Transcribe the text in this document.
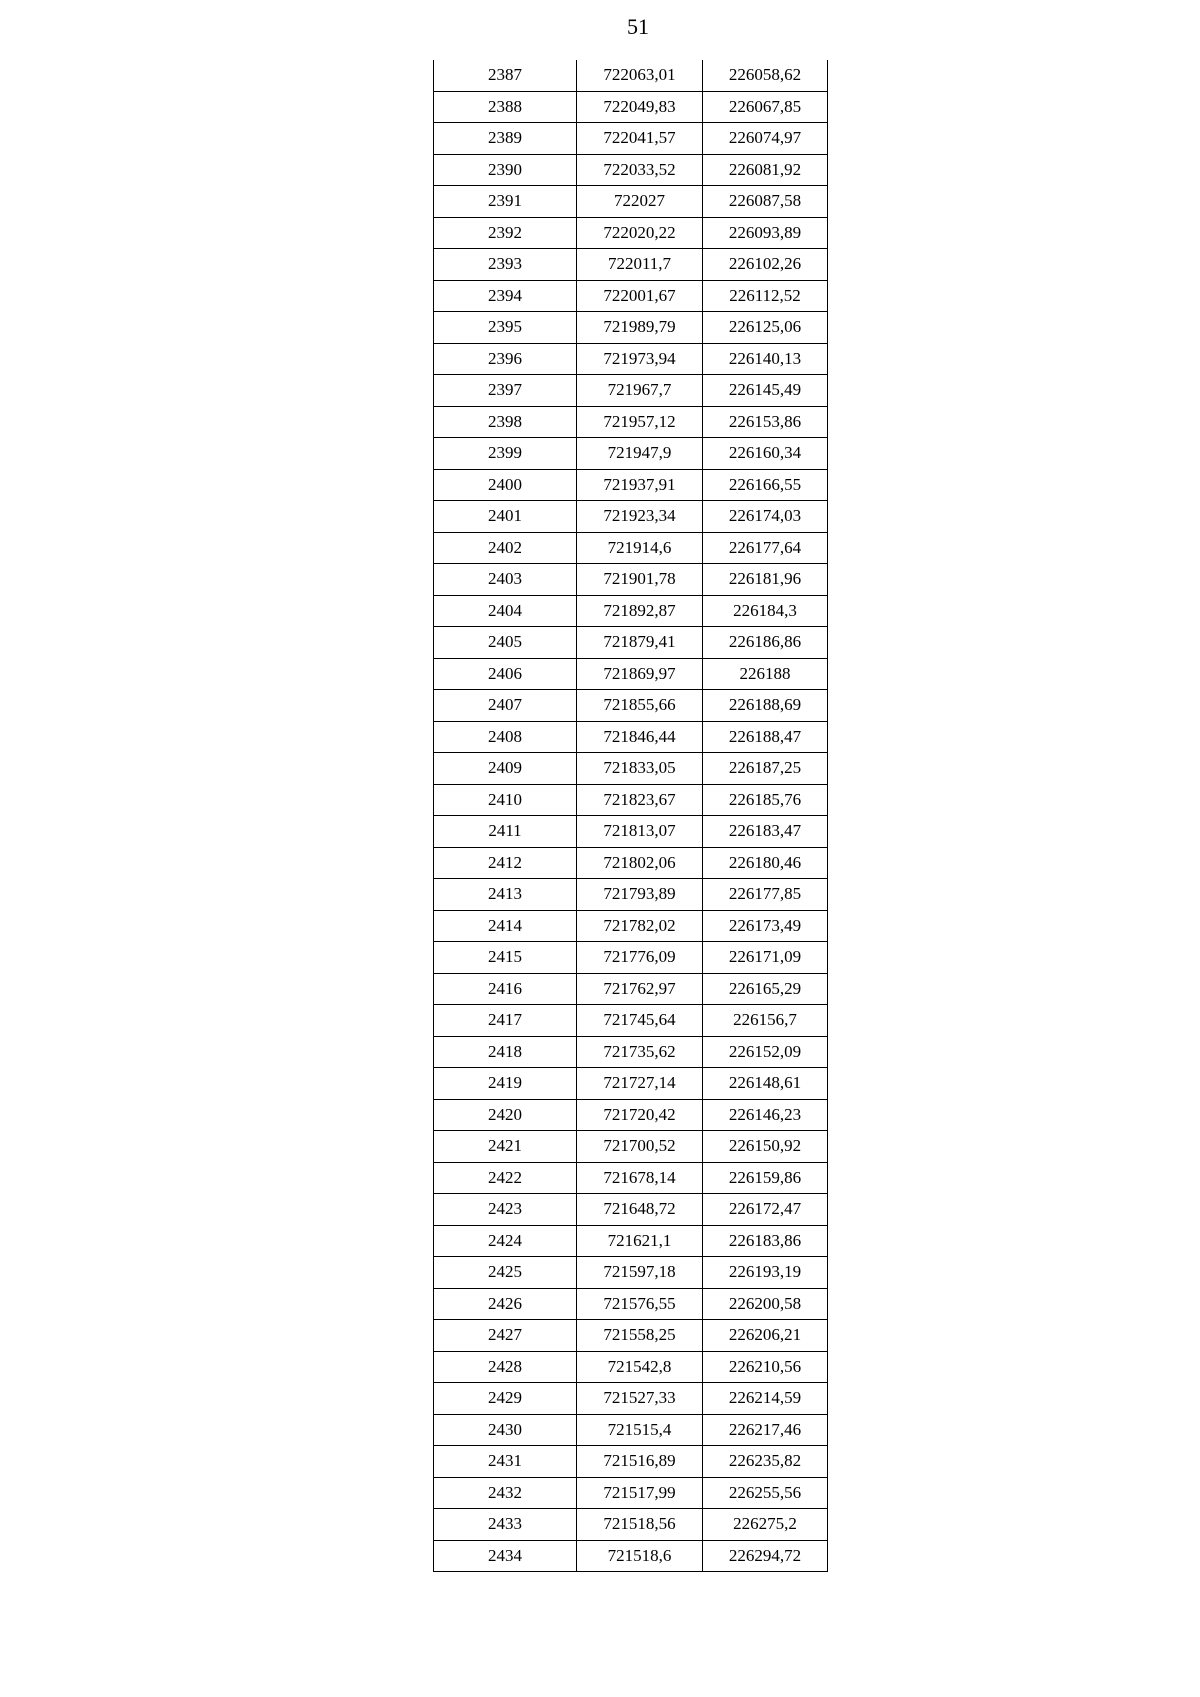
51
2387	722063,01	226058,62
2388	722049,83	226067,85
2389	722041,57	226074,97
2390	722033,52	226081,92
2391	722027	226087,58
2392	722020,22	226093,89
2393	722011,7	226102,26
2394	722001,67	226112,52
2395	721989,79	226125,06
2396	721973,94	226140,13
2397	721967,7	226145,49
2398	721957,12	226153,86
2399	721947,9	226160,34
2400	721937,91	226166,55
2401	721923,34	226174,03
2402	721914,6	226177,64
2403	721901,78	226181,96
2404	721892,87	226184,3
2405	721879,41	226186,86
2406	721869,97	226188
2407	721855,66	226188,69
2408	721846,44	226188,47
2409	721833,05	226187,25
2410	721823,67	226185,76
2411	721813,07	226183,47
2412	721802,06	226180,46
2413	721793,89	226177,85
2414	721782,02	226173,49
2415	721776,09	226171,09
2416	721762,97	226165,29
2417	721745,64	226156,7
2418	721735,62	226152,09
2419	721727,14	226148,61
2420	721720,42	226146,23
2421	721700,52	226150,92
2422	721678,14	226159,86
2423	721648,72	226172,47
2424	721621,1	226183,86
2425	721597,18	226193,19
2426	721576,55	226200,58
2427	721558,25	226206,21
2428	721542,8	226210,56
2429	721527,33	226214,59
2430	721515,4	226217,46
2431	721516,89	226235,82
2432	721517,99	226255,56
2433	721518,56	226275,2
2434	721518,6	226294,72
